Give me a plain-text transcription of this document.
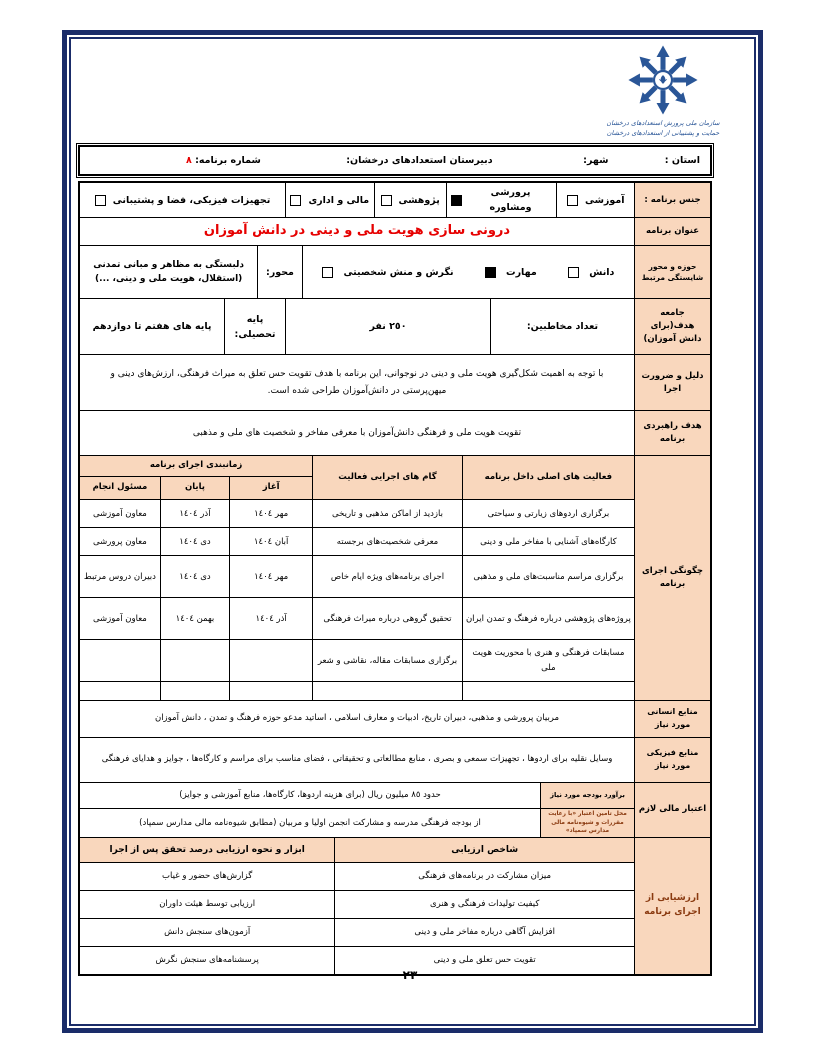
سازمان ملی پرورش استعدادهای درخشان
حمایت و پشتیبانی از استعدادهای درخشان
استان :
شهر:
دبیرستان استعدادهای درخشان:
شماره برنامه: ٨
جنس برنامه :
آموزشی
پرورشی ومشاوره
پژوهشی
مالی و اداری
تجهیزات فیزیکی، فضا و پشتیبانی
عنوان برنامه
درونی سازی هویت ملی و دینی در دانش آموزان
حوزه و محور شایستگی مرتبط
دانش
مهارت
نگرش و منش شخصیتی
محور:
دلبستگی به مظاهر و مبانی تمدنی (استقلال، هویت ملی و دینی، ...)
جامعه هدف(برای دانش آموزان)
تعداد مخاطبین:
٢٥٠ نفر
پایه تحصیلی:
پایه های هفتم تا دوازدهم
دلیل و ضرورت اجرا
با توجه به اهمیت شکل‌گیری هویت ملی و دینی در نوجوانی، این برنامه با هدف تقویت حس تعلق به میراث فرهنگی، ارزش‌های دینی و میهن‌پرستی در دانش‌آموزان طراحی شده است.
هدف راهبردی برنامه
تقویت هویت ملی و فرهنگی دانش‌آموزان با معرفی مفاخر و شخصیت های ملی و مذهبی
چگونگی اجرای برنامه
فعالیت های اصلی داخل برنامه	گام های اجرایی فعالیت	زمانبندی اجرای برنامه		
		آغاز	پایان	مسئول انجام
برگزاری اردوهای زیارتی و سیاحتی	بازدید از اماکن مذهبی و تاریخی	مهر ١٤٠٤	آذر ١٤٠٤	معاون آموزشی
کارگاه‌های آشنایی با مفاخر ملی و دینی	معرفی شخصیت‌های برجسته	آبان ١٤٠٤	دی ١٤٠٤	معاون پرورشی
برگزاری مراسم مناسبت‌های ملی و مذهبی	اجرای برنامه‌های ویژه ایام خاص	مهر ١٤٠٤	دی ١٤٠٤	دبیران دروس مرتبط
پروژه‌های پژوهشی درباره فرهنگ و تمدن ایران	تحقیق گروهی درباره میراث فرهنگی	آذر ١٤٠٤	بهمن ١٤٠٤	معاون آموزشی
مسابقات فرهنگی و هنری با محوریت هویت ملی	برگزاری مسابقات مقاله، نقاشی و شعر			

منابع انسانی مورد نیاز
مربیان پرورشی و مذهبی، دبیران تاریخ، ادبیات و معارف اسلامی ، اساتید مدعو حوزه فرهنگ و تمدن ، دانش آموزان
منابع فیزیکی مورد نیاز
وسایل نقلیه برای اردوها ، تجهیزات سمعی و بصری ، منابع مطالعاتی و تحقیقاتی ، فضای مناسب برای مراسم و کارگاه‌ها ، جوایز و هدایای فرهنگی
اعتبار مالی لازم
برآورد بودجه مورد نیاز
حدود ٨٥ میلیون ریال (برای هزینه اردوها، کارگاه‌ها، منابع آموزشی و جوایز)
محل تامین اعتبار «با رعایت مقررات و شیوه‌نامه مالی مدارس سمپاد»
از بودجه فرهنگی مدرسه و مشارکت انجمن اولیا و مربیان (مطابق شیوه‌نامه مالی مدارس سمپاد)
ارزشیابی از اجرای برنامه
شاخص ارزیابی	ابزار و نحوه ارزیابی درصد تحقق پس از اجرا
میزان مشارکت در برنامه‌های فرهنگی	گزارش‌های حضور و غیاب
کیفیت تولیدات فرهنگی و هنری	ارزیابی توسط هیئت داوران
افزایش آگاهی درباره مفاخر ملی و دینی	آزمون‌های سنجش دانش
تقویت حس تعلق ملی و دینی	پرسشنامه‌های سنجش نگرش
٢٣
